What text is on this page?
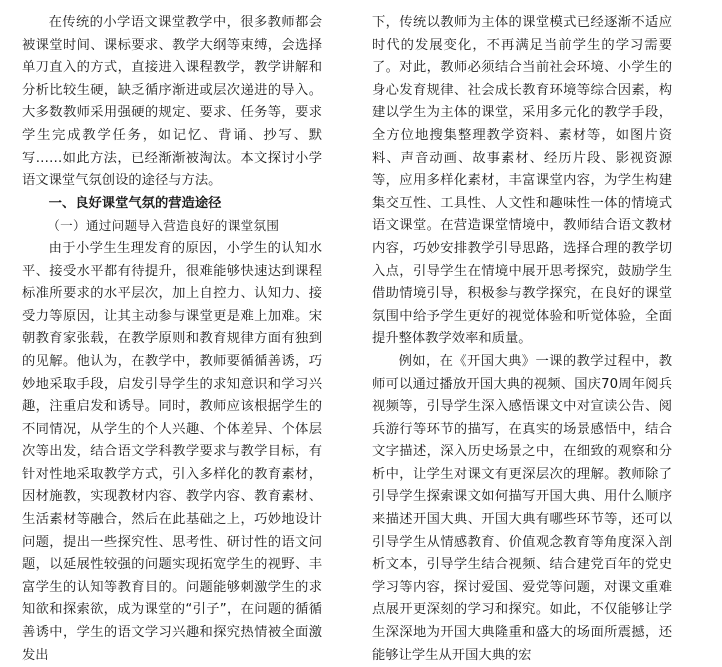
在传统的小学语文课堂教学中，很多教师都会被课堂时间、课标要求、教学大纲等束缚，会选择单刀直入的方式，直接进入课程教学，教学讲解和分析比较生硬，缺乏循序渐进或层次递进的导入。大多数教师采用强硬的规定、要求、任务等，要求学生完成教学任务，如记忆、背诵、抄写、默写……如此方法，已经渐渐被淘汰。本文探讨小学语文课堂气氛创设的途径与方法。

一、良好课堂气氛的营造途径
（一）通过问题导入营造良好的课堂氛围

由于小学生生理发育的原因，小学生的认知水平、接受水平都有待提升，很难能够快速达到课程标准所要求的水平层次，加上自控力、认知力、接受力等原因，让其主动参与课堂更是难上加难。宋朝教育家张载，在教学原则和教育规律方面有独到的见解。他认为，在教学中，教师要循循善诱，巧妙地采取手段，启发引导学生的求知意识和学习兴趣，注重启发和诱导。同时，教师应该根据学生的不同情况，从学生的个人兴趣、个体差异、个体层次等出发，结合语文学科教学要求与教学目标，有针对性地采取教学方式，引入多样化的教育素材，因材施教，实现教材内容、教学内容、教育素材、生活素材等融合，然后在此基础之上，巧妙地设计问题，提出一些探究性、思考性、研讨性的语文问题，以延展性较强的问题实现拓宽学生的视野、丰富学生的认知等教育目的。问题能够刺激学生的求知欲和探索欲，成为课堂的“引子”，在问题的循循善诱中，学生的语文学习兴趣和探究热情被全面激发出

下，传统以教师为主体的课堂模式已经逐渐不适应时代的发展变化，不再满足当前学生的学习需要了。对此，教师必须结合当前社会环境、小学生的身心发育规律、社会成长教育环境等综合因素，构建以学生为主体的课堂，采用多元化的教学手段，全方位地搜集整理教学资料、素材等，如图片资料、声音动画、故事素材、经历片段、影视资源等，应用多样化素材，丰富课堂内容，为学生构建集交互性、工具性、人文性和趣味性一体的情境式语文课堂。在营造课堂情境中，教师结合语文教材内容，巧妙安排教学引导思路，选择合理的教学切入点，引导学生在情境中展开思考探究，鼓励学生借助情境引导，积极参与教学探究，在良好的课堂氛围中给予学生更好的视觉体验和听觉体验，全面提升整体教学效率和质量。

例如，在《开国大典》一课的教学过程中，教师可以通过播放开国大典的视频、国庆70周年阅兵视频等，引导学生深入感悟课文中对宣读公告、阅兵游行等环节的描写，在真实的场景感悟中，结合文字描述，深入历史场景之中，在细致的观察和分析中，让学生对课文有更深层次的理解。教师除了引导学生探索课文如何描写开国大典、用什么顺序来描述开国大典、开国大典有哪些环节等，还可以引导学生从情感教育、价值观念教育等角度深入剖析文本，引导学生结合视频、结合建党百年的党史学习等内容，探讨爱国、爱党等问题，对课文重难点展开更深刻的学习和探究。如此，不仅能够让学生深深地为开国大典隆重和盛大的场面所震撼，还能够让学生从开国大典的宏
